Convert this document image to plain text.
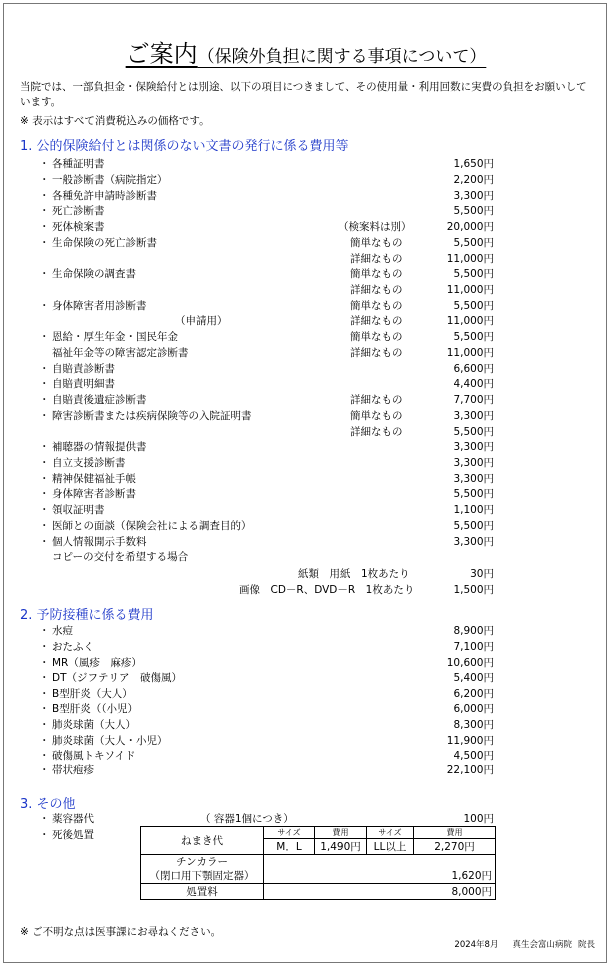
ご案内（保険外負担に関する事項について）
当院では、一部負担金・保険給付とは別途、以下の項目につきまして、その使用量・利用回数に実費の負担をお願いしています。
※ 表示はすべて消費税込みの価格です。
1. 公的保険給付とは関係のない文書の発行に係る費用等
・ 各種証明書	1,650円
・ 一般診断書（病院指定）	2,200円
・ 各種免許申請時診断書	3,300円
・ 死亡診断書	5,500円
・ 死体検案書	（検案料は別）	20,000円
・ 生命保険の死亡診断書	簡単なもの	5,500円
詳細なもの	11,000円
・ 生命保険の調査書	簡単なもの	5,500円
詳細なもの	11,000円
・ 身体障害者用診断書	簡単なもの	5,500円
（申請用）	詳細なもの	11,000円
・ 恩給・厚生年金・国民年金	簡単なもの	5,500円
福祉年金等の障害認定診断書	詳細なもの	11,000円
・ 自賠責診断書	6,600円
・ 自賠責明細書	4,400円
・ 自賠責後遺症診断書	詳細なもの	7,700円
・ 障害診断書または疾病保険等の入院証明書	簡単なもの	3,300円
詳細なもの	5,500円
・ 補聴器の情報提供書	3,300円
・ 自立支援診断書	3,300円
・ 精神保健福祉手帳	3,300円
・ 身体障害者診断書	5,500円
・ 領収証明書	1,100円
・ 医師との面談（保険会社による調査目的）	5,500円
・ 個人情報開示手数料	3,300円
コピーの交付を希望する場合
紙類　用紙　1枚あたり	30円
画像　CD－R、DVD－R　1枚あたり	1,500円
2. 予防接種に係る費用
・ 水痘	8,900円
・ おたふく	7,100円
・ MR（風疹　麻疹）	10,600円
・ DT（ジフテリア　破傷風）	5,400円
・ B型肝炎（大人）	6,200円
・ B型肝炎（（小児）	6,000円
・ 肺炎球菌（大人）	8,300円
・ 肺炎球菌（大人・小児）	11,900円
・ 破傷風トキソイド	4,500円
・ 帯状疱疹	22,100円
3. その他
・ 薬容器代	（ 容器1個につき）	100円
・ 死後処置	ねまき代	サイズ	費用	サイズ	費用
	M．L	1,490円	LL以上	2,270円
チンカラー
（閉口用下顎固定器）	1,620円			
処置料	8,000円			
※ ご不明な点は医事課にお尋ねください。
2024年8月 真生会富山病院 院長
